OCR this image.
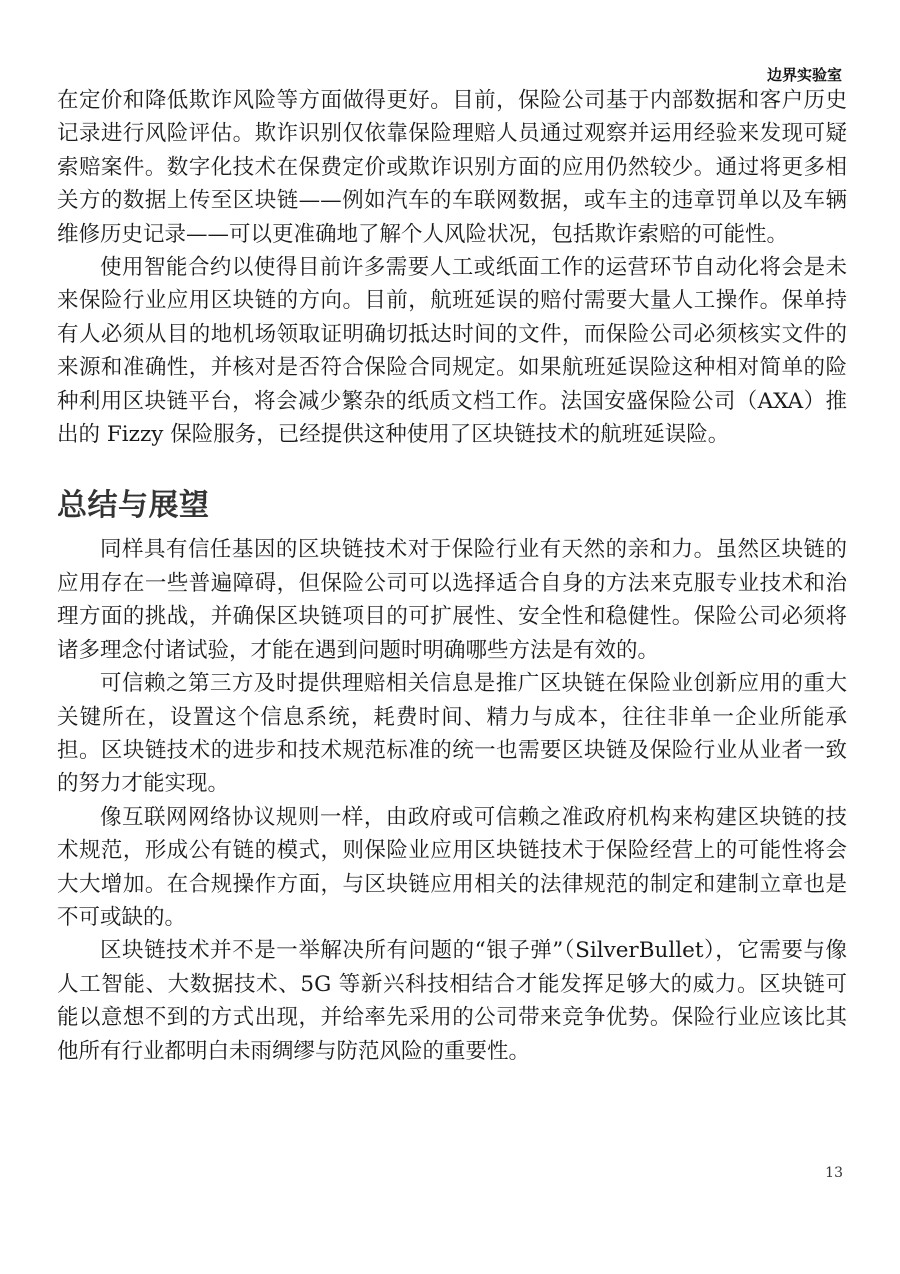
边界实验室

在定价和降低欺诈风险等方面做得更好。目前，保险公司基于内部数据和客户历史记录进行风险评估。欺诈识别仅依靠保险理赔人员通过观察并运用经验来发现可疑索赔案件。数字化技术在保费定价或欺诈识别方面的应用仍然较少。通过将更多相关方的数据上传至区块链——例如汽车的车联网数据，或车主的违章罚单以及车辆维修历史记录——可以更准确地了解个人风险状况，包括欺诈索赔的可能性。

使用智能合约以使得目前许多需要人工或纸面工作的运营环节自动化将会是未来保险行业应用区块链的方向。目前，航班延误的赔付需要大量人工操作。保单持有人必须从目的地机场领取证明确切抵达时间的文件，而保险公司必须核实文件的来源和准确性，并核对是否符合保险合同规定。如果航班延误险这种相对简单的险种利用区块链平台，将会减少繁杂的纸质文档工作。法国安盛保险公司（AXA）推出的 Fizzy 保险服务，已经提供这种使用了区块链技术的航班延误险。

总结与展望

同样具有信任基因的区块链技术对于保险行业有天然的亲和力。虽然区块链的应用存在一些普遍障碍，但保险公司可以选择适合自身的方法来克服专业技术和治理方面的挑战，并确保区块链项目的可扩展性、安全性和稳健性。保险公司必须将诸多理念付诸试验，才能在遇到问题时明确哪些方法是有效的。

可信赖之第三方及时提供理赔相关信息是推广区块链在保险业创新应用的重大关键所在，设置这个信息系统，耗费时间、精力与成本，往往非单一企业所能承担。区块链技术的进步和技术规范标准的统一也需要区块链及保险行业从业者一致的努力才能实现。

像互联网网络协议规则一样，由政府或可信赖之准政府机构来构建区块链的技术规范，形成公有链的模式，则保险业应用区块链技术于保险经营上的可能性将会大大增加。在合规操作方面，与区块链应用相关的法律规范的制定和建制立章也是不可或缺的。

区块链技术并不是一举解决所有问题的“银子弹”（SilverBullet），它需要与像人工智能、大数据技术、5G 等新兴科技相结合才能发挥足够大的威力。区块链可能以意想不到的方式出现，并给率先采用的公司带来竞争优势。保险行业应该比其他所有行业都明白未雨绸缪与防范风险的重要性。

13
